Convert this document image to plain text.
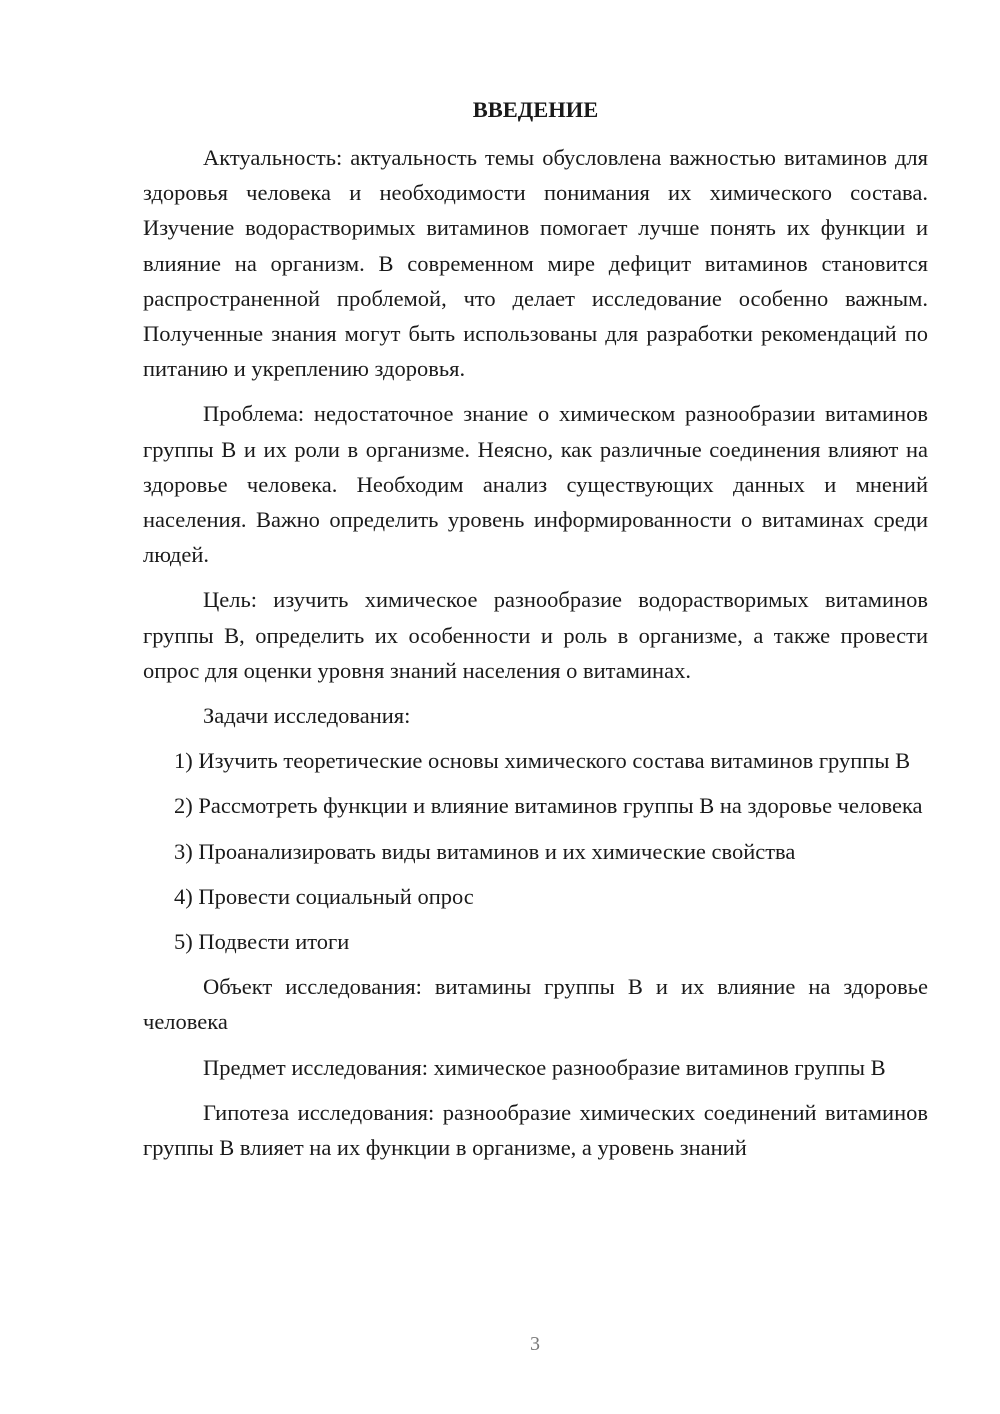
ВВЕДЕНИЕ

Актуальность: актуальность темы обусловлена важностью витаминов для здоровья человека и необходимости понимания их химического состава. Изучение водорастворимых витаминов помогает лучше понять их функции и влияние на организм. В современном мире дефицит витаминов становится распространенной проблемой, что делает исследование особенно важным. Полученные знания могут быть использованы для разработки рекомендаций по питанию и укреплению здоровья.

Проблема: недостаточное знание о химическом разнообразии витаминов группы В и их роли в организме. Неясно, как различные соединения влияют на здоровье человека. Необходим анализ существующих данных и мнений населения. Важно определить уровень информированности о витаминах среди людей.

Цель: изучить химическое разнообразие водорастворимых витаминов группы В, определить их особенности и роль в организме, а также провести опрос для оценки уровня знаний населения о витаминах.

Задачи исследования:

1) Изучить теоретические основы химического состава витаминов группы В

2) Рассмотреть функции и влияние витаминов группы В на здоровье человека

3) Проанализировать виды витаминов и их химические свойства

4) Провести социальный опрос

5) Подвести итоги

Объект исследования: витамины группы В и их влияние на здоровье человека

Предмет исследования: химическое разнообразие витаминов группы В

Гипотеза исследования: разнообразие химических соединений витаминов группы В влияет на их функции в организме, а уровень знаний

3
